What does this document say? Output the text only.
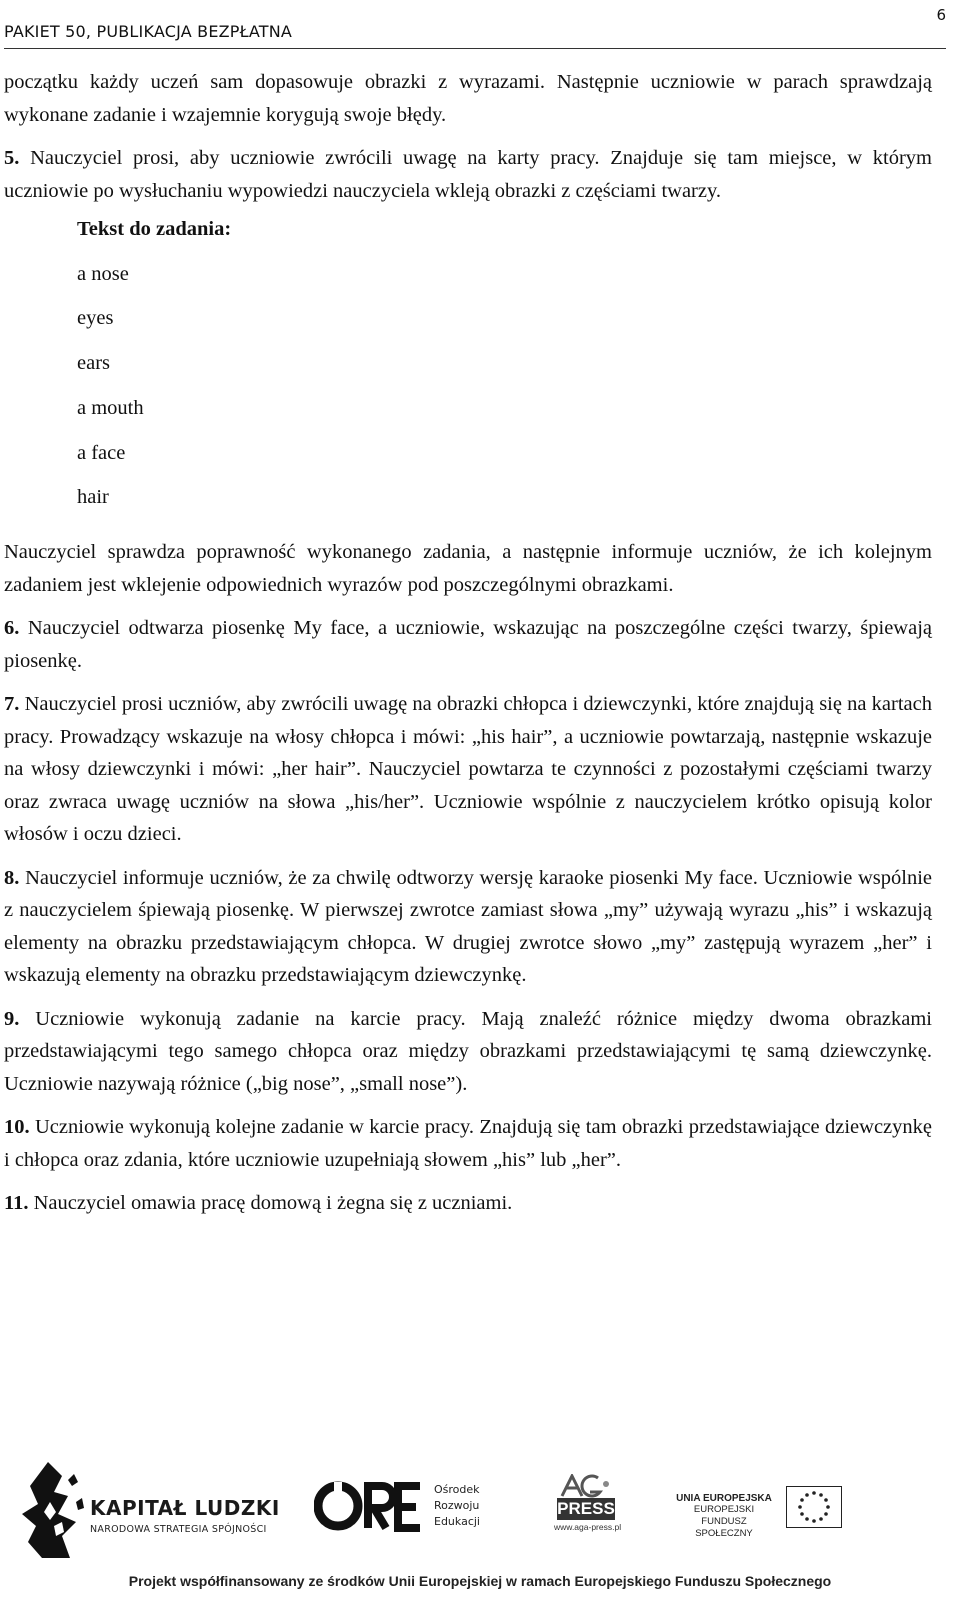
PAKIET 50, PUBLIKACJA BEZPŁATNA
6

początku każdy uczeń sam dopasowuje obrazki z wyrazami. Następnie uczniowie w parach sprawdzają wykonane zadanie i wzajemnie korygują swoje błędy.

5. Nauczyciel prosi, aby uczniowie zwrócili uwagę na karty pracy. Znajduje się tam miejsce, w którym uczniowie po wysłuchaniu wypowiedzi nauczyciela wkleją obrazki z częściami twarzy.

Tekst do zadania:
a nose
eyes
ears
a mouth
a face
hair

Nauczyciel sprawdza poprawność wykonanego zadania, a następnie informuje uczniów, że ich kolejnym zadaniem jest wklejenie odpowiednich wyrazów pod poszczególnymi obrazkami.

6. Nauczyciel odtwarza piosenkę My face, a uczniowie, wskazując na poszczególne części twarzy, śpiewają piosenkę.

7. Nauczyciel prosi uczniów, aby zwrócili uwagę na obrazki chłopca i dziewczynki, które znajdują się na kartach pracy. Prowadzący wskazuje na włosy chłopca i mówi: „his hair”, a uczniowie powtarzają, następnie wskazuje na włosy dziewczynki i mówi: „her hair”. Nauczyciel powtarza te czynności z pozostałymi częściami twarzy oraz zwraca uwagę uczniów na słowa „his/her”. Uczniowie wspólnie z nauczycielem krótko opisują kolor włosów i oczu dzieci.

8. Nauczyciel informuje uczniów, że za chwilę odtworzy wersję karaoke piosenki My face. Uczniowie wspólnie z nauczycielem śpiewają piosenkę. W pierwszej zwrotce zamiast słowa „my” używają wyrazu „his” i wskazują elementy na obrazku przedstawiającym chłopca. W drugiej zwrotce słowo „my” zastępują wyrazem „her” i wskazują elementy na obrazku przedstawiającym dziewczynkę.

9. Uczniowie wykonują zadanie na karcie pracy. Mają znaleźć różnice między dwoma obrazkami przedstawiającymi tego samego chłopca oraz między obrazkami przedstawiającymi tę samą dziewczynkę. Uczniowie nazywają różnice („big nose”, „small nose”).

10. Uczniowie wykonują kolejne zadanie w karcie pracy. Znajdują się tam obrazki przedstawiające dziewczynkę i chłopca oraz zdania, które uczniowie uzupełniają słowem „his” lub „her”.

11. Nauczyciel omawia pracę domową i żegna się z uczniami.

KAPITAŁ LUDZKI
NARODOWA STRATEGIA SPÓJNOŚCI
Ośrodek
Rozwoju
Edukacji
PRESS
www.aga-press.pl
UNIA EUROPEJSKA
EUROPEJSKI
FUNDUSZ SPOŁECZNY
Projekt współfinansowany ze środków Unii Europejskiej w ramach Europejskiego Funduszu Społecznego
